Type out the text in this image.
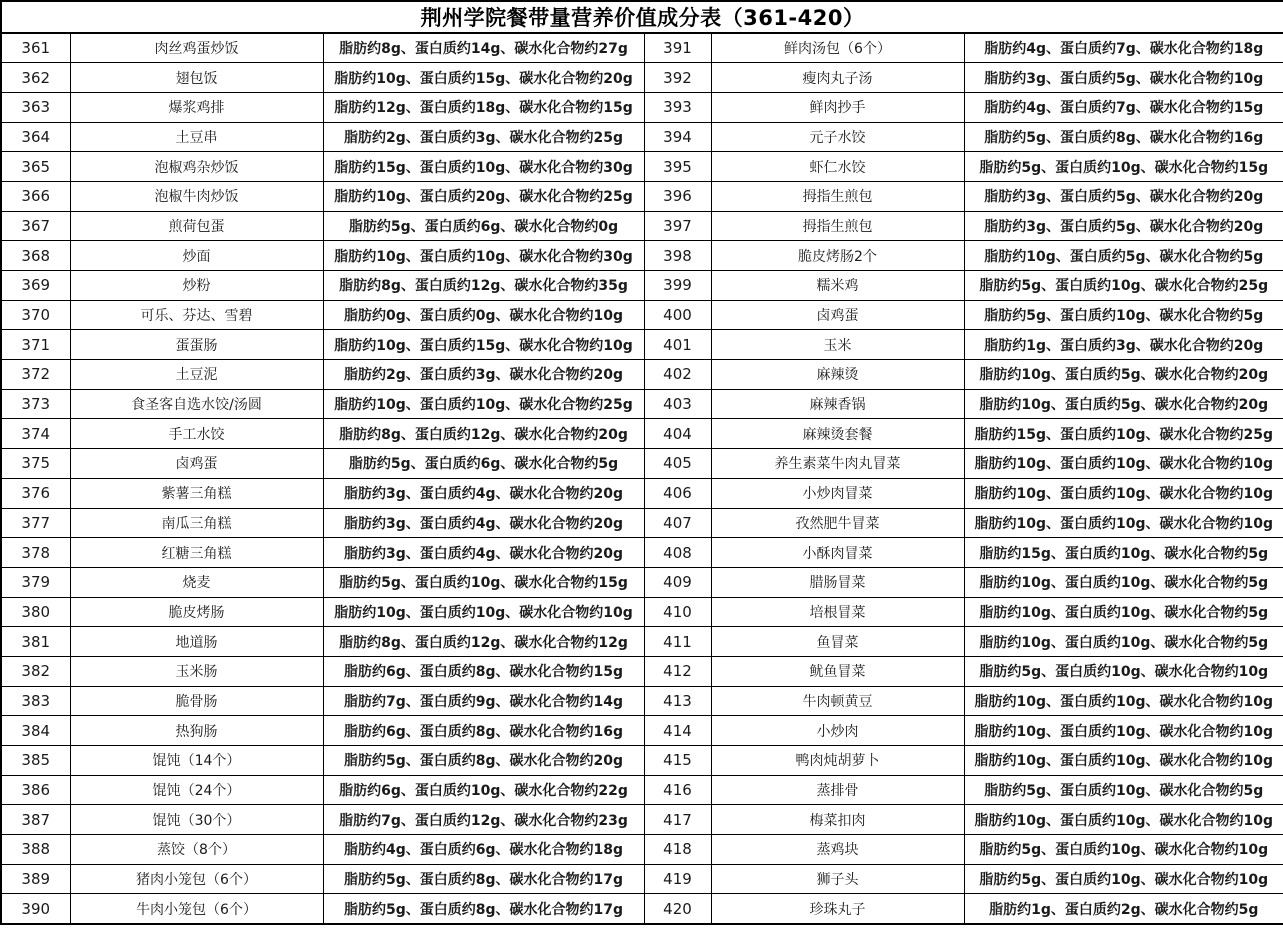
荆州学院餐带量营养价值成分表（361-420）					
361	肉丝鸡蛋炒饭	脂肪约8g、蛋白质约14g、碳水化合物约27g	391	鲜肉汤包（6个）	脂肪约4g、蛋白质约7g、碳水化合物约18g
362	翅包饭	脂肪约10g、蛋白质约15g、碳水化合物约20g	392	瘦肉丸子汤	脂肪约3g、蛋白质约5g、碳水化合物约10g
363	爆浆鸡排	脂肪约12g、蛋白质约18g、碳水化合物约15g	393	鲜肉抄手	脂肪约4g、蛋白质约7g、碳水化合物约15g
364	土豆串	脂肪约2g、蛋白质约3g、碳水化合物约25g	394	元子水饺	脂肪约5g、蛋白质约8g、碳水化合物约16g
365	泡椒鸡杂炒饭	脂肪约15g、蛋白质约10g、碳水化合物约30g	395	虾仁水饺	脂肪约5g、蛋白质约10g、碳水化合物约15g
366	泡椒牛肉炒饭	脂肪约10g、蛋白质约20g、碳水化合物约25g	396	拇指生煎包	脂肪约3g、蛋白质约5g、碳水化合物约20g
367	煎荷包蛋	脂肪约5g、蛋白质约6g、碳水化合物约0g	397	拇指生煎包	脂肪约3g、蛋白质约5g、碳水化合物约20g
368	炒面	脂肪约10g、蛋白质约10g、碳水化合物约30g	398	脆皮烤肠2个	脂肪约10g、蛋白质约5g、碳水化合物约5g
369	炒粉	脂肪约8g、蛋白质约12g、碳水化合物约35g	399	糯米鸡	脂肪约5g、蛋白质约10g、碳水化合物约25g
370	可乐、芬达、雪碧	脂肪约0g、蛋白质约0g、碳水化合物约10g	400	卤鸡蛋	脂肪约5g、蛋白质约10g、碳水化合物约5g
371	蛋蛋肠	脂肪约10g、蛋白质约15g、碳水化合物约10g	401	玉米	脂肪约1g、蛋白质约3g、碳水化合物约20g
372	土豆泥	脂肪约2g、蛋白质约3g、碳水化合物约20g	402	麻辣烫	脂肪约10g、蛋白质约5g、碳水化合物约20g
373	食圣客自选水饺/汤圆	脂肪约10g、蛋白质约10g、碳水化合物约25g	403	麻辣香锅	脂肪约10g、蛋白质约5g、碳水化合物约20g
374	手工水饺	脂肪约8g、蛋白质约12g、碳水化合物约20g	404	麻辣烫套餐	脂肪约15g、蛋白质约10g、碳水化合物约25g
375	卤鸡蛋	脂肪约5g、蛋白质约6g、碳水化合物约5g	405	养生素菜牛肉丸冒菜	脂肪约10g、蛋白质约10g、碳水化合物约10g
376	紫薯三角糕	脂肪约3g、蛋白质约4g、碳水化合物约20g	406	小炒肉冒菜	脂肪约10g、蛋白质约10g、碳水化合物约10g
377	南瓜三角糕	脂肪约3g、蛋白质约4g、碳水化合物约20g	407	孜然肥牛冒菜	脂肪约10g、蛋白质约10g、碳水化合物约10g
378	红糖三角糕	脂肪约3g、蛋白质约4g、碳水化合物约20g	408	小酥肉冒菜	脂肪约15g、蛋白质约10g、碳水化合物约5g
379	烧麦	脂肪约5g、蛋白质约10g、碳水化合物约15g	409	腊肠冒菜	脂肪约10g、蛋白质约10g、碳水化合物约5g
380	脆皮烤肠	脂肪约10g、蛋白质约10g、碳水化合物约10g	410	培根冒菜	脂肪约10g、蛋白质约10g、碳水化合物约5g
381	地道肠	脂肪约8g、蛋白质约12g、碳水化合物约12g	411	鱼冒菜	脂肪约10g、蛋白质约10g、碳水化合物约5g
382	玉米肠	脂肪约6g、蛋白质约8g、碳水化合物约15g	412	鱿鱼冒菜	脂肪约5g、蛋白质约10g、碳水化合物约10g
383	脆骨肠	脂肪约7g、蛋白质约9g、碳水化合物约14g	413	牛肉顿黄豆	脂肪约10g、蛋白质约10g、碳水化合物约10g
384	热狗肠	脂肪约6g、蛋白质约8g、碳水化合物约16g	414	小炒肉	脂肪约10g、蛋白质约10g、碳水化合物约10g
385	馄饨（14个）	脂肪约5g、蛋白质约8g、碳水化合物约20g	415	鸭肉炖胡萝卜	脂肪约10g、蛋白质约10g、碳水化合物约10g
386	馄饨（24个）	脂肪约6g、蛋白质约10g、碳水化合物约22g	416	蒸排骨	脂肪约5g、蛋白质约10g、碳水化合物约5g
387	馄饨（30个）	脂肪约7g、蛋白质约12g、碳水化合物约23g	417	梅菜扣肉	脂肪约10g、蛋白质约10g、碳水化合物约10g
388	蒸饺（8个）	脂肪约4g、蛋白质约6g、碳水化合物约18g	418	蒸鸡块	脂肪约5g、蛋白质约10g、碳水化合物约10g
389	猪肉小笼包（6个）	脂肪约5g、蛋白质约8g、碳水化合物约17g	419	狮子头	脂肪约5g、蛋白质约10g、碳水化合物约10g
390	牛肉小笼包（6个）	脂肪约5g、蛋白质约8g、碳水化合物约17g	420	珍珠丸子	脂肪约1g、蛋白质约2g、碳水化合物约5g
